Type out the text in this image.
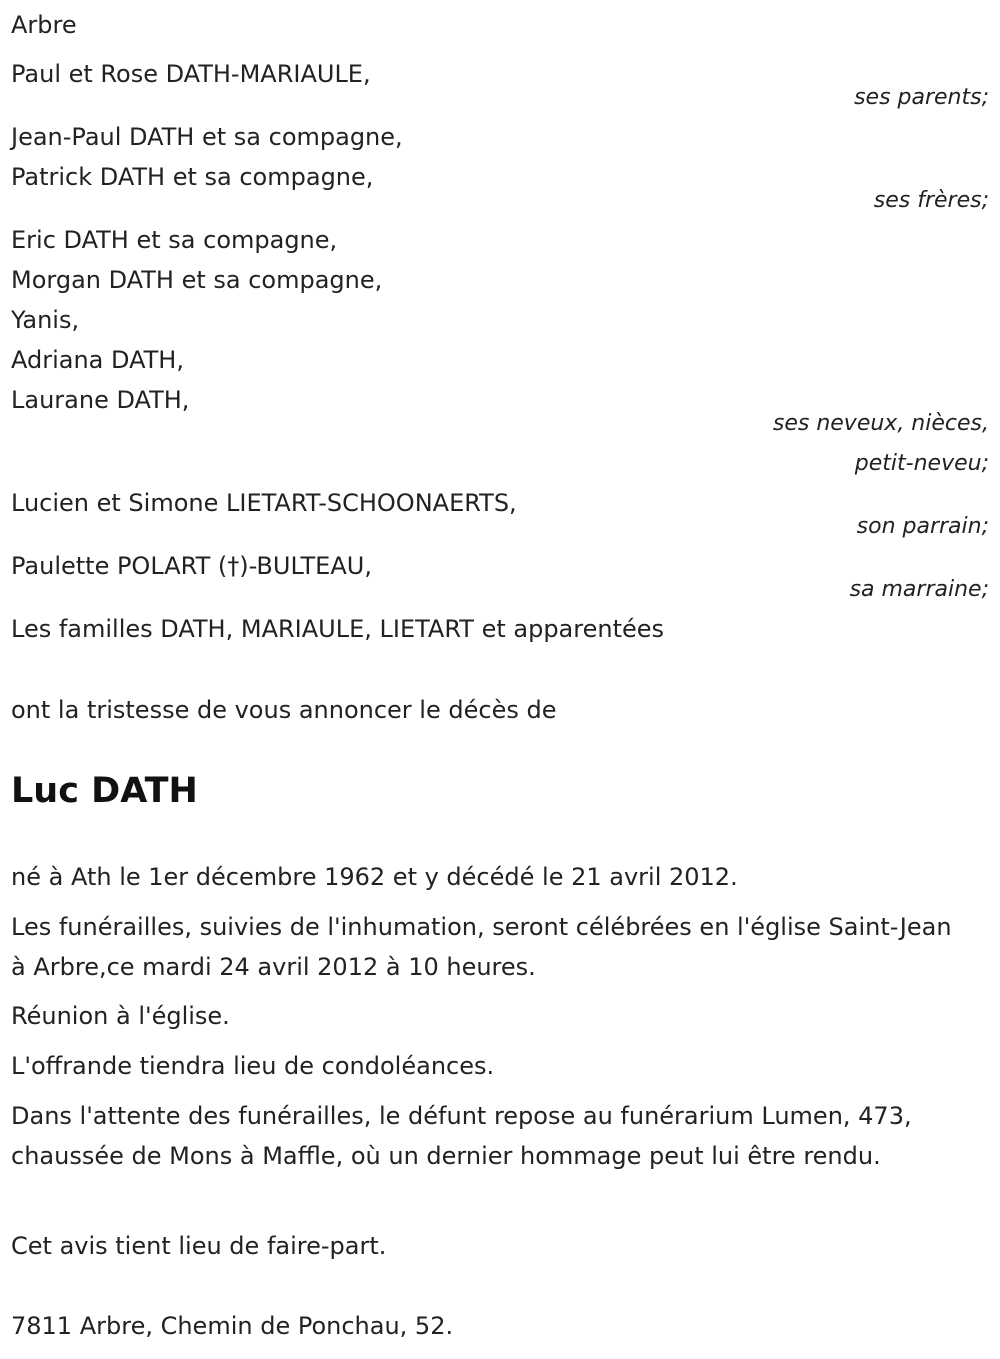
Arbre
Paul et Rose DATH-MARIAULE,
ses parents;
Jean-Paul DATH et sa compagne,
Patrick DATH et sa compagne,
ses frères;
Eric DATH et sa compagne,
Morgan DATH et sa compagne,
Yanis,
Adriana DATH,
Laurane DATH,
ses neveux, nièces,
petit-neveu;
Lucien et Simone LIETART-SCHOONAERTS,
son parrain;
Paulette POLART (†)-BULTEAU,
sa marraine;
Les familles DATH, MARIAULE, LIETART et apparentées
ont la tristesse de vous annoncer le décès de
Luc DATH
né à Ath le 1er décembre 1962 et y décédé le 21 avril 2012.
Les funérailles, suivies de l'inhumation, seront célébrées en l'église Saint-Jean à Arbre,ce mardi 24 avril 2012 à 10 heures.
Réunion à l'église.
L'offrande tiendra lieu de condoléances.
Dans l'attente des funérailles, le défunt repose au funérarium Lumen, 473, chaussée de Mons à Maffle, où un dernier hommage peut lui être rendu.
Cet avis tient lieu de faire-part.
7811 Arbre, Chemin de Ponchau, 52.
